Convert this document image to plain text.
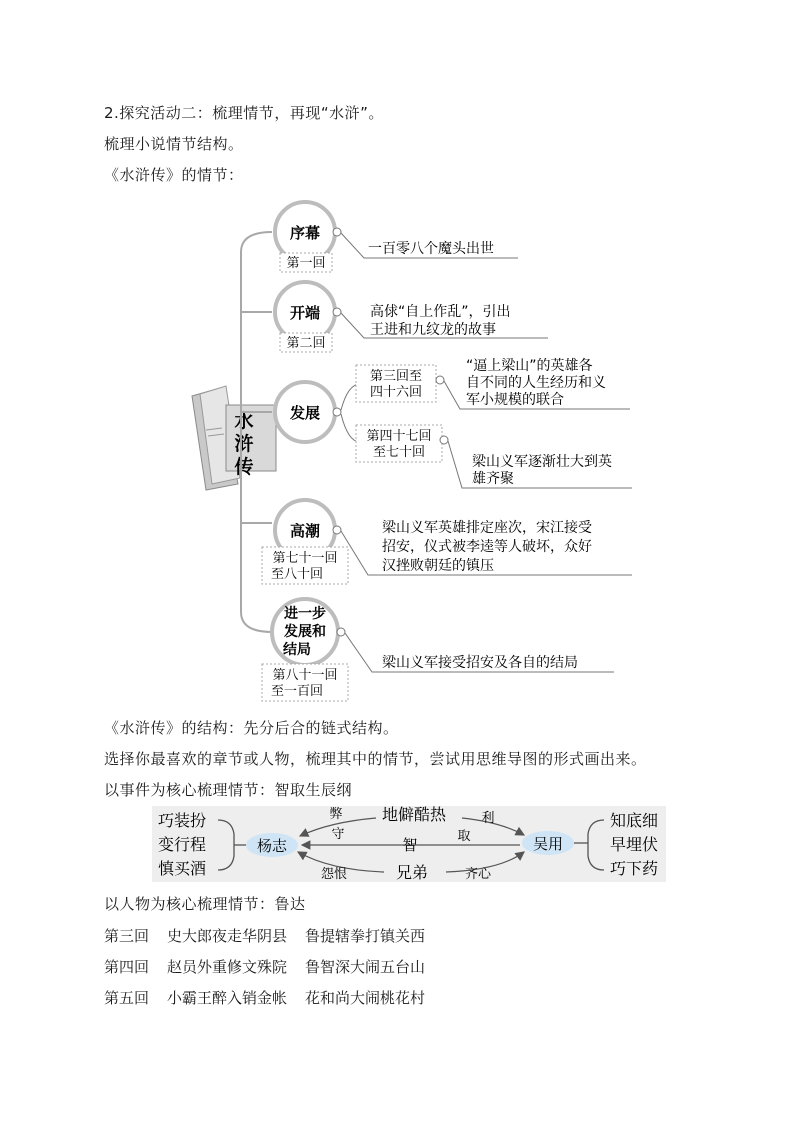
2.探究活动二：梳理情节，再现“水浒”。
梳理小说情节结构。
《水浒传》的情节：
水
浒
传
序幕
第一回
一百零八个魔头出世
开端
第二回
高俅“自上作乱”，引出
王进和九纹龙的故事
发展
第三回至
四十六回
“逼上梁山”的英雄各
自不同的人生经历和义
军小规模的联合
第四十七回
至七十回
梁山义军逐渐壮大到英
雄齐聚
高潮
第七十一回
至八十回
梁山义军英雄排定座次，宋江接受
招安，仪式被李逵等人破坏，众好
汉挫败朝廷的镇压
进一步
发展和
结局
第八十一回
至一百回
梁山义军接受招安及各自的结局
《水浒传》的结构：先分后合的链式结构。
选择你最喜欢的章节或人物，梳理其中的情节，尝试用思维导图的形式画出来。
以事件为核心梳理情节：智取生辰纲
巧装扮
变行程
慎买酒
杨志	吴用
知底细
早埋伏
巧下药
弊 地僻酷热	利
守
智	取
怨恨	兄弟	齐心
以人物为核心梳理情节：鲁达
第三回 史大郎夜走华阴县 鲁提辖拳打镇关西
第四回 赵员外重修文殊院 鲁智深大闹五台山
第五回 小霸王醉入销金帐 花和尚大闹桃花村
